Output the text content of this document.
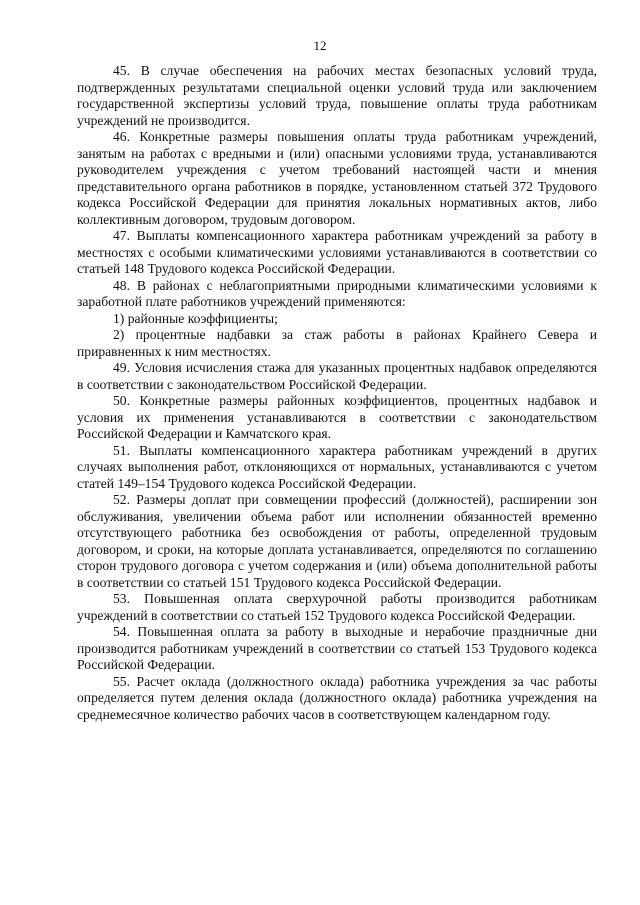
12

45. В случае обеспечения на рабочих местах безопасных условий труда, подтвержденных результатами специальной оценки условий труда или заключением государственной экспертизы условий труда, повышение оплаты труда работникам учреждений не производится.

46. Конкретные размеры повышения оплаты труда работникам учреждений, занятым на работах с вредными и (или) опасными условиями труда, устанавливаются руководителем учреждения с учетом требований настоящей части и мнения представительного органа работников в порядке, установленном статьей 372 Трудового кодекса Российской Федерации для принятия локальных нормативных актов, либо коллективным договором, трудовым договором.

47. Выплаты компенсационного характера работникам учреждений за работу в местностях с особыми климатическими условиями устанавливаются в соответствии со статьей 148 Трудового кодекса Российской Федерации.

48. В районах с неблагоприятными природными климатическими условиями к заработной плате работников учреждений применяются:

1) районные коэффициенты;

2) процентные надбавки за стаж работы в районах Крайнего Севера и приравненных к ним местностях.

49. Условия исчисления стажа для указанных процентных надбавок определяются в соответствии с законодательством Российской Федерации.

50. Конкретные размеры районных коэффициентов, процентных надбавок и условия их применения устанавливаются в соответствии с законодательством Российской Федерации и Камчатского края.

51. Выплаты компенсационного характера работникам учреждений в других случаях выполнения работ, отклоняющихся от нормальных, устанавливаются с учетом статей 149–154 Трудового кодекса Российской Федерации.

52. Размеры доплат при совмещении профессий (должностей), расширении зон обслуживания, увеличении объема работ или исполнении обязанностей временно отсутствующего работника без освобождения от работы, определенной трудовым договором, и сроки, на которые доплата устанавливается, определяются по соглашению сторон трудового договора с учетом содержания и (или) объема дополнительной работы в соответствии со статьей 151 Трудового кодекса Российской Федерации.

53. Повышенная оплата сверхурочной работы производится работникам учреждений в соответствии со статьей 152 Трудового кодекса Российской Федерации.

54. Повышенная оплата за работу в выходные и нерабочие праздничные дни производится работникам учреждений в соответствии со статьей 153 Трудового кодекса Российской Федерации.

55. Расчет оклада (должностного оклада) работника учреждения за час работы определяется путем деления оклада (должностного оклада) работника учреждения на среднемесячное количество рабочих часов в соответствующем календарном году.
